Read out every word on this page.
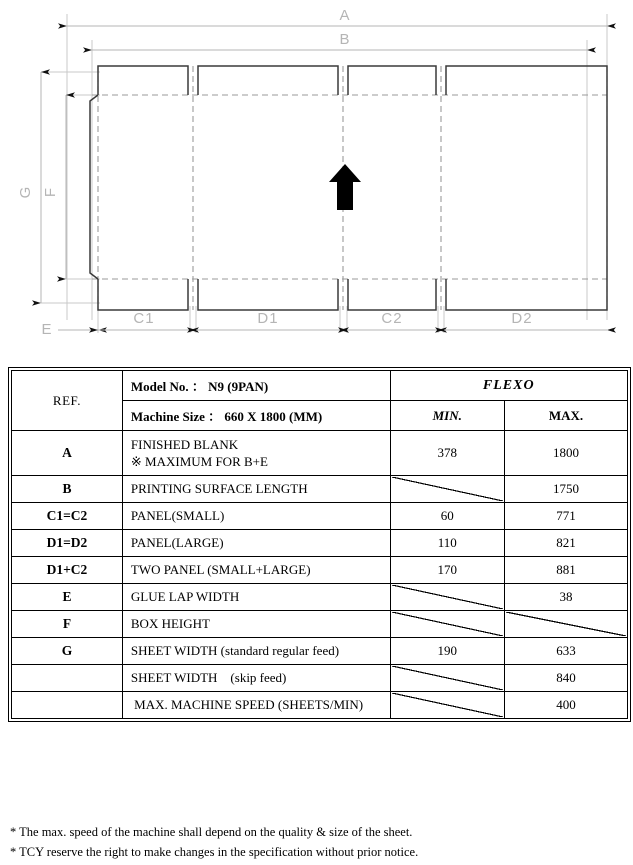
A
B
G F
C1	D1	C2	D2
E
REF.	Model No. ： N9 (9PAN)	FLEXO	

	Machine Size ： 660 X 1800 (MM)	MIN.	MAX.

A	FINISHED BLANK
※ MAXIMUM FOR B+E	378	1800

B	PRINTING SURFACE LENGTH		1750

C1=C2	PANEL(SMALL)	60	771

D1=D2	PANEL(LARGE)	110	821

D1+C2	TWO PANEL (SMALL+LARGE)	170	881

E	GLUE LAP WIDTH		38

F	BOX HEIGHT		

G	SHEET WIDTH (standard regular feed)	190	633

	SHEET WIDTH    (skip feed)		840

	MAX. MACHINE SPEED (SHEETS/MIN)		400
* The max. speed of the machine shall depend on the quality & size of the sheet.
* TCY reserve the right to make changes in the specification without prior notice.
